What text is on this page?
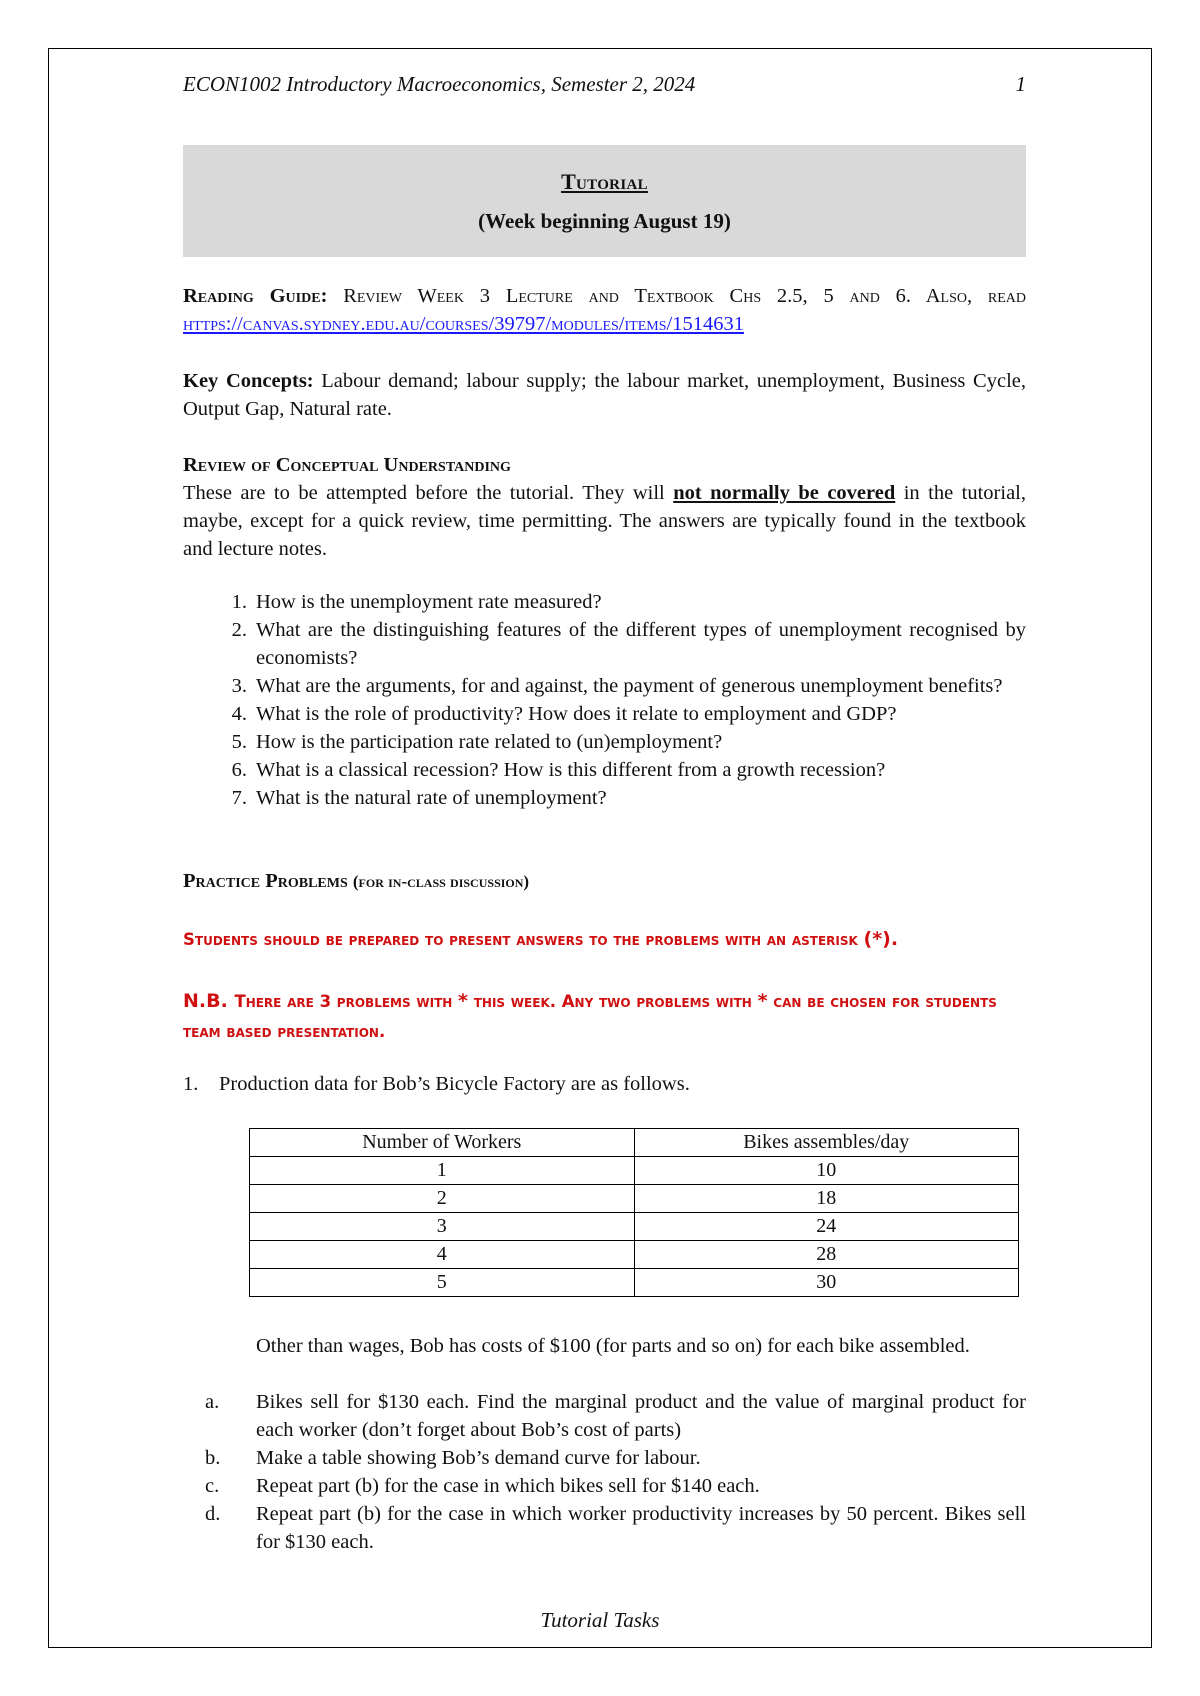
ECON1002 Introductory Macroeconomics, Semester 2, 2024	1
Tutorial
(Week beginning August 19)

Reading Guide: Review Week 3 Lecture and Textbook Chs 2.5, 5 and 6. Also, read https://canvas.sydney.edu.au/courses/39797/modules/items/1514631

Key Concepts: Labour demand; labour supply; the labour market, unemployment, Business Cycle, Output Gap, Natural rate.

Review of Conceptual Understanding

These are to be attempted before the tutorial. They will not normally be covered in the tutorial, maybe, except for a quick review, time permitting. The answers are typically found in the textbook and lecture notes.

1. How is the unemployment rate measured?
2. What are the distinguishing features of the different types of unemployment recognised by economists?
3. What are the arguments, for and against, the payment of generous unemployment benefits?
4. What is the role of productivity? How does it relate to employment and GDP?
5. How is the participation rate related to (un)employment?
6. What is a classical recession? How is this different from a growth recession?
7. What is the natural rate of unemployment?
Practice Problems (for in-class discussion)
Students should be prepared to present answers to the problems with an asterisk (*).
N.B. There are 3 problems with * this week. Any two problems with * can be chosen for students team based presentation.
1.	Production data for Bob’s Bicycle Factory are as follows.
Number of Workers	Bikes assembles/day
1	10
2	18
3	24
4	28
5	30

Other than wages, Bob has costs of $100 (for parts and so on) for each bike assembled.

a.	Bikes sell for $130 each. Find the marginal product and the value of marginal product for each worker (don’t forget about Bob’s cost of parts)
b.	Make a table showing Bob’s demand curve for labour.
c.	Repeat part (b) for the case in which bikes sell for $140 each.
d.	Repeat part (b) for the case in which worker productivity increases by 50 percent. Bikes sell for $130 each.
Tutorial Tasks
